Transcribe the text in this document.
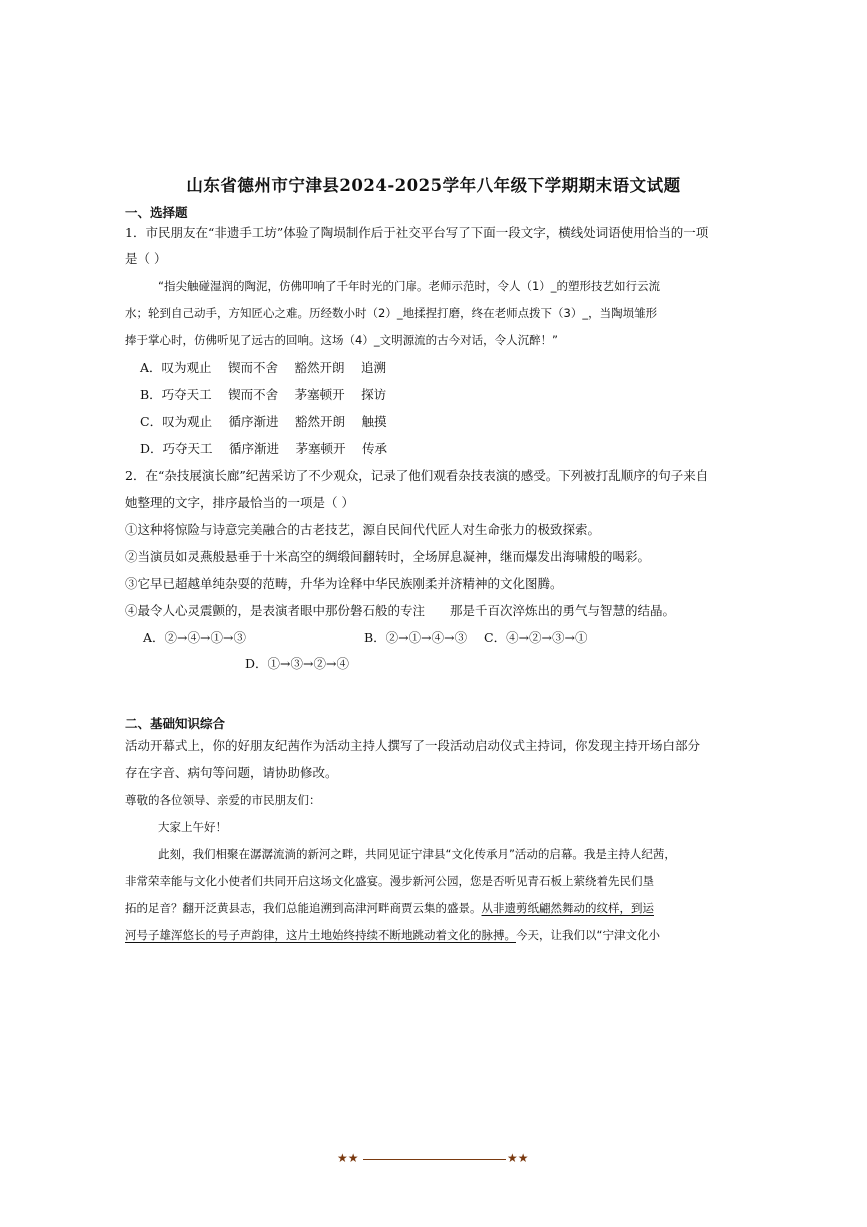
山东省德州市宁津县2024-2025学年八年级下学期期末语文试题
一、选择题
1．市民朋友在“非遗手工坊”体验了陶埙制作后于社交平台写了下面一段文字，横线处词语使用恰当的一项
是（ ）
“指尖触碰湿润的陶泥，仿佛叩响了千年时光的门扉。老师示范时，令人（1）_的塑形技艺如行云流
水；轮到自己动手，方知匠心之难。历经数小时（2）_地揉捏打磨，终在老师点拨下（3）_，当陶埙雏形
捧于掌心时，仿佛听见了远古的回响。这场（4）_文明源流的古今对话，令人沉醉！”
A．叹为观止　 锲而不舍　 豁然开朗　 追溯
B．巧夺天工　 锲而不舍　 茅塞顿开　 探访
C．叹为观止　 循序渐进　 豁然开朗　 触摸
D．巧夺天工　 循序渐进　 茅塞顿开　 传承
2．在“杂技展演长廊”纪茜采访了不少观众，记录了他们观看杂技表演的感受。下列被打乱顺序的句子来自
她整理的文字，排序最恰当的一项是（ ）
①这种将惊险与诗意完美融合的古老技艺，源自民间代代匠人对生命张力的极致探索。
②当演员如灵燕般悬垂于十米高空的绸缎间翻转时，全场屏息凝神，继而爆发出海啸般的喝彩。
③它早已超越单纯杂耍的范畴，升华为诠释中华民族刚柔并济精神的文化图腾。
④最令人心灵震颤的，是表演者眼中那份磐石般的专注　　那是千百次淬炼出的勇气与智慧的结晶。
A．②→④→①→③	B．②→①→④→③ C．④→②→③→①
D．①→③→②→④
二、基础知识综合
活动开幕式上，你的好朋友纪茜作为活动主持人撰写了一段活动启动仪式主持词，你发现主持开场白部分
存在字音、病句等问题，请协助修改。
尊敬的各位领导、亲爱的市民朋友们：
大家上午好！
此刻，我们相聚在潺潺流淌的新河之畔，共同见证宁津县“文化传承月”活动的启幕。我是主持人纪茜，
非常荣幸能与文化小使者们共同开启这场文化盛宴。漫步新河公园，您是否听见青石板上萦绕着先民们垦
拓的足音？翻开泛黄县志，我们总能追溯到高津河畔商贾云集的盛景。从非遗剪纸翩然舞动的纹样，到运
河号子雄浑悠长的号子声韵律，这片土地始终持续不断地跳动着文化的脉搏。今天，让我们以“宁津文化小
★★	★★
